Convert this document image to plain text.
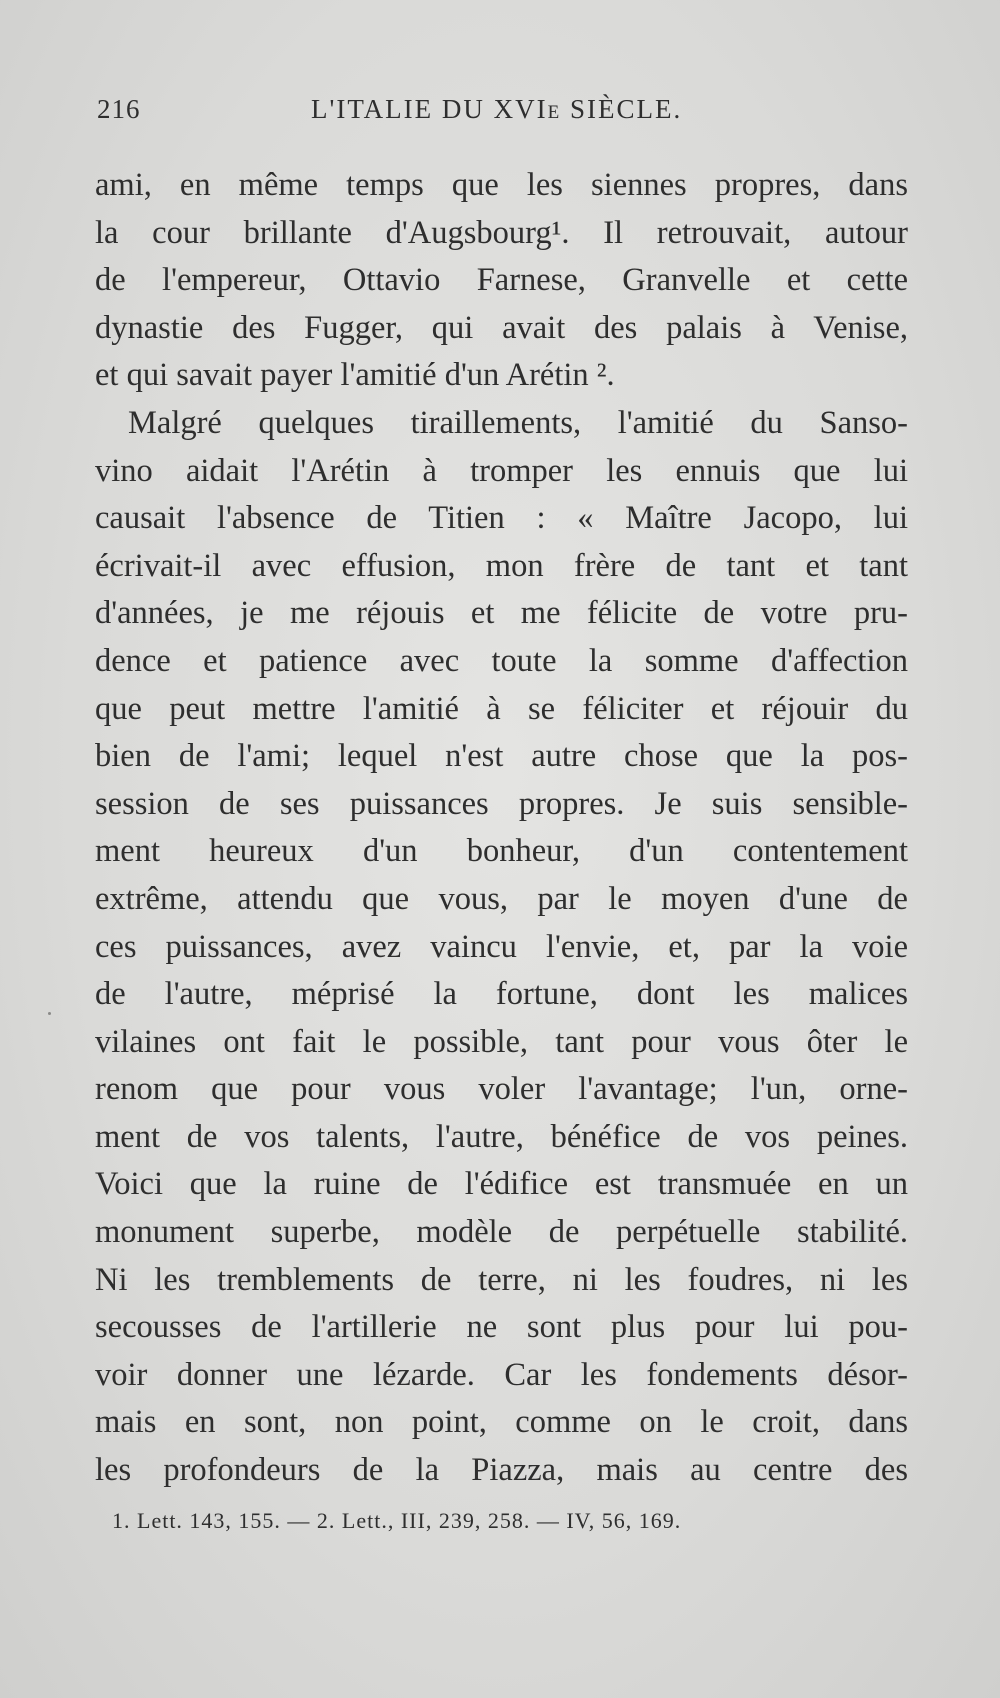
216	L'ITALIE DU XVIe SIÈCLE.
ami, en même temps que les siennes propres, dans
la cour brillante d'Augsbourg¹. Il retrouvait, autour
de l'empereur, Ottavio Farnese, Granvelle et cette
dynastie des Fugger, qui avait des palais à Venise,
et qui savait payer l'amitié d'un Arétin ².
Malgré quelques tiraillements, l'amitié du Sanso-
vino aidait l'Arétin à tromper les ennuis que lui
causait l'absence de Titien : « Maître Jacopo, lui
écrivait-il avec effusion, mon frère de tant et tant
d'années, je me réjouis et me félicite de votre pru-
dence et patience avec toute la somme d'affection
que peut mettre l'amitié à se féliciter et réjouir du
bien de l'ami; lequel n'est autre chose que la pos-
session de ses puissances propres. Je suis sensible-
ment heureux d'un bonheur, d'un contentement
extrême, attendu que vous, par le moyen d'une de
ces puissances, avez vaincu l'envie, et, par la voie
de l'autre, méprisé la fortune, dont les malices
vilaines ont fait le possible, tant pour vous ôter le
renom que pour vous voler l'avantage; l'un, orne-
ment de vos talents, l'autre, bénéfice de vos peines.
Voici que la ruine de l'édifice est transmuée en un
monument superbe, modèle de perpétuelle stabilité.
Ni les tremblements de terre, ni les foudres, ni les
secousses de l'artillerie ne sont plus pour lui pou-
voir donner une lézarde. Car les fondements désor-
mais en sont, non point, comme on le croit, dans
les profondeurs de la Piazza, mais au centre des
1. Lett. 143, 155. — 2. Lett., III, 239, 258. — IV, 56, 169.
